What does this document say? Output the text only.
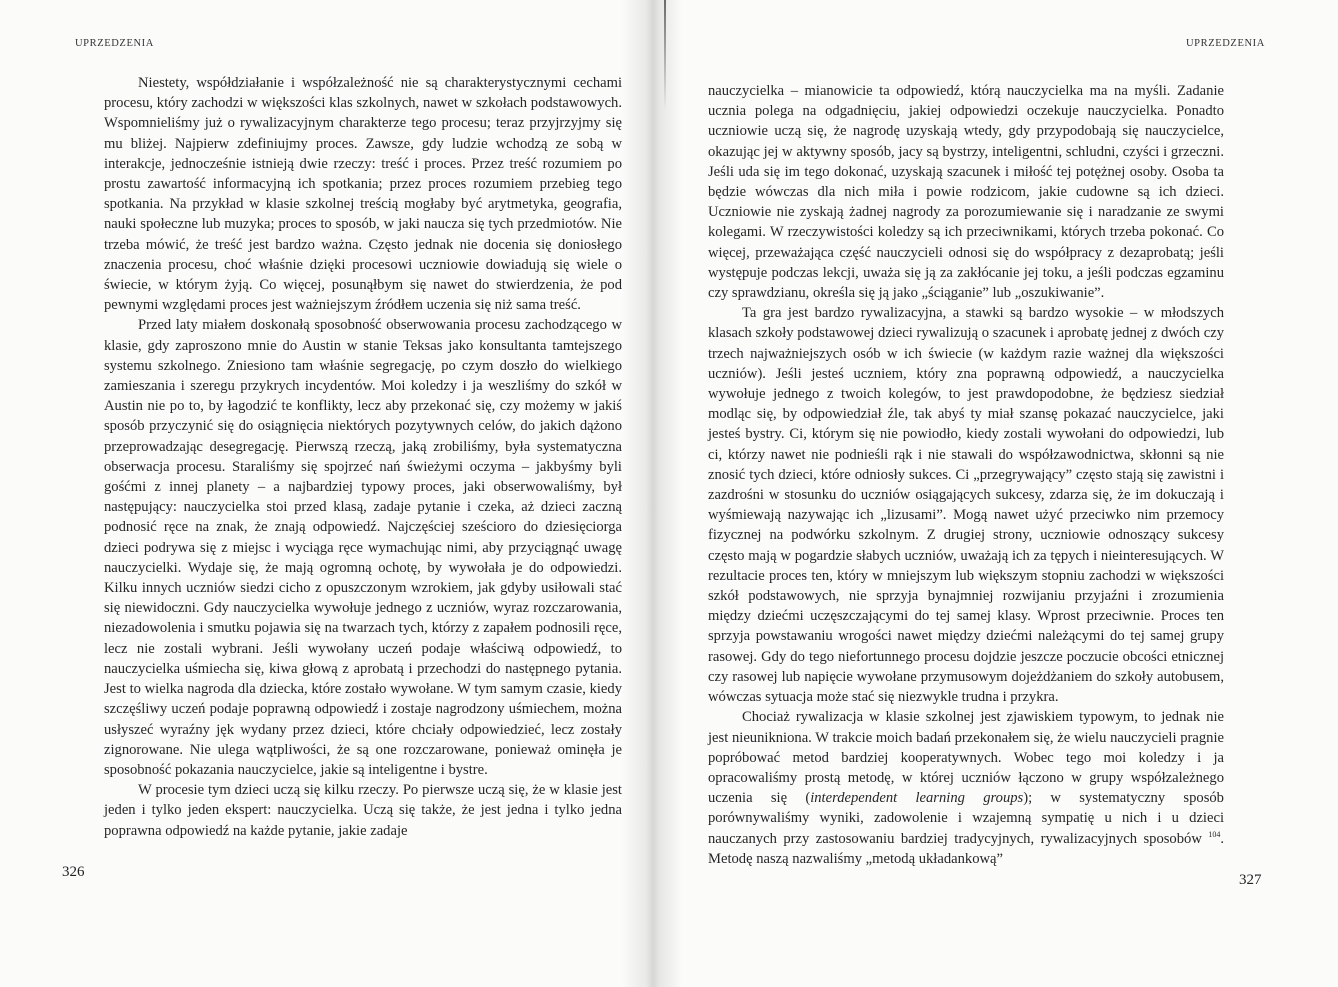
UPRZEDZENIA

Niestety, współdziałanie i współzależność nie są charakterystycznymi cechami procesu, który zachodzi w większości klas szkolnych, nawet w szkołach podstawowych. Wspomnieliśmy już o rywalizacyjnym charakterze tego procesu; teraz przyjrzyjmy się mu bliżej. Najpierw zdefiniujmy proces. Zawsze, gdy ludzie wchodzą ze sobą w interakcje, jednocześnie istnieją dwie rzeczy: treść i proces. Przez treść rozumiem po prostu zawartość informacyjną ich spotkania; przez proces rozumiem przebieg tego spotkania. Na przykład w klasie szkolnej treścią mogłaby być arytmetyka, geografia, nauki społeczne lub muzyka; proces to sposób, w jaki naucza się tych przedmiotów. Nie trzeba mówić, że treść jest bardzo ważna. Często jednak nie docenia się doniosłego znaczenia procesu, choć właśnie dzięki procesowi uczniowie dowiadują się wiele o świecie, w którym żyją. Co więcej, posunąłbym się nawet do stwierdzenia, że pod pewnymi względami proces jest ważniejszym źródłem uczenia się niż sama treść.

Przed laty miałem doskonałą sposobność obserwowania procesu zachodzącego w klasie, gdy zaproszono mnie do Austin w stanie Teksas jako konsultanta tamtejszego systemu szkolnego. Zniesiono tam właśnie segregację, po czym doszło do wielkiego zamieszania i szeregu przykrych incydentów. Moi koledzy i ja weszliśmy do szkół w Austin nie po to, by łagodzić te konflikty, lecz aby przekonać się, czy możemy w jakiś sposób przyczynić się do osiągnięcia niektórych pozytywnych celów, do jakich dążono przeprowadzając desegregację. Pierwszą rzeczą, jaką zrobiliśmy, była systematyczna obserwacja procesu. Staraliśmy się spojrzeć nań świeżymi oczyma – jakbyśmy byli gośćmi z innej planety – a najbardziej typowy proces, jaki obserwowaliśmy, był następujący: nauczycielka stoi przed klasą, zadaje pytanie i czeka, aż dzieci zaczną podnosić ręce na znak, że znają odpowiedź. Najczęściej sześcioro do dziesięciorga dzieci podrywa się z miejsc i wyciąga ręce wymachując nimi, aby przyciągnąć uwagę nauczycielki. Wydaje się, że mają ogromną ochotę, by wywołała je do odpowiedzi. Kilku innych uczniów siedzi cicho z opuszczonym wzrokiem, jak gdyby usiłowali stać się niewidoczni. Gdy nauczycielka wywołuje jednego z uczniów, wyraz rozczarowania, niezadowolenia i smutku pojawia się na twarzach tych, którzy z zapałem podnosili ręce, lecz nie zostali wybrani. Jeśli wywołany uczeń podaje właściwą odpowiedź, to nauczycielka uśmiecha się, kiwa głową z aprobatą i przechodzi do następnego pytania. Jest to wielka nagroda dla dziecka, które zostało wywołane. W tym samym czasie, kiedy szczęśliwy uczeń podaje poprawną odpowiedź i zostaje nagrodzony uśmiechem, można usłyszeć wyraźny jęk wydany przez dzieci, które chciały odpowiedzieć, lecz zostały zignorowane. Nie ulega wątpliwości, że są one rozczarowane, ponieważ ominęła je sposobność pokazania nauczycielce, jakie są inteligentne i bystre.

W procesie tym dzieci uczą się kilku rzeczy. Po pierwsze uczą się, że w klasie jest jeden i tylko jeden ekspert: nauczycielka. Uczą się także, że jest jedna i tylko jedna poprawna odpowiedź na każde pytanie, jakie zadaje

326
UPRZEDZENIA

nauczycielka – mianowicie ta odpowiedź, którą nauczycielka ma na myśli. Zadanie ucznia polega na odgadnięciu, jakiej odpowiedzi oczekuje nauczycielka. Ponadto uczniowie uczą się, że nagrodę uzyskają wtedy, gdy przypodobają się nauczycielce, okazując jej w aktywny sposób, jacy są bystrzy, inteligentni, schludni, czyści i grzeczni. Jeśli uda się im tego dokonać, uzyskają szacunek i miłość tej potężnej osoby. Osoba ta będzie wówczas dla nich miła i powie rodzicom, jakie cudowne są ich dzieci. Uczniowie nie zyskają żadnej nagrody za porozumiewanie się i naradzanie ze swymi kolegami. W rzeczywistości koledzy są ich przeciwnikami, których trzeba pokonać. Co więcej, przeważająca część nauczycieli odnosi się do współpracy z dezaprobatą; jeśli występuje podczas lekcji, uważa się ją za zakłócanie jej toku, a jeśli podczas egzaminu czy sprawdzianu, określa się ją jako „ściąganie” lub „oszukiwanie”.

Ta gra jest bardzo rywalizacyjna, a stawki są bardzo wysokie – w młodszych klasach szkoły podstawowej dzieci rywalizują o szacunek i aprobatę jednej z dwóch czy trzech najważniejszych osób w ich świecie (w każdym razie ważnej dla większości uczniów). Jeśli jesteś uczniem, który zna poprawną odpowiedź, a nauczycielka wywołuje jednego z twoich kolegów, to jest prawdopodobne, że będziesz siedział modląc się, by odpowiedział źle, tak abyś ty miał szansę pokazać nauczycielce, jaki jesteś bystry. Ci, którym się nie powiodło, kiedy zostali wywołani do odpowiedzi, lub ci, którzy nawet nie podnieśli rąk i nie stawali do współzawodnictwa, skłonni są nie znosić tych dzieci, które odniosły sukces. Ci „przegrywający” często stają się zawistni i zazdrośni w stosunku do uczniów osiągających sukcesy, zdarza się, że im dokuczają i wyśmiewają nazywając ich „lizusami”. Mogą nawet użyć przeciwko nim przemocy fizycznej na podwórku szkolnym. Z drugiej strony, uczniowie odnoszący sukcesy często mają w pogardzie słabych uczniów, uważają ich za tępych i nieinteresujących. W rezultacie proces ten, który w mniejszym lub większym stopniu zachodzi w większości szkół podstawowych, nie sprzyja bynajmniej rozwijaniu przyjaźni i zrozumienia między dziećmi uczęszczającymi do tej samej klasy. Wprost przeciwnie. Proces ten sprzyja powstawaniu wrogości nawet między dziećmi należącymi do tej samej grupy rasowej. Gdy do tego niefortunnego procesu dojdzie jeszcze poczucie obcości etnicznej czy rasowej lub napięcie wywołane przymusowym dojeżdżaniem do szkoły autobusem, wówczas sytuacja może stać się niezwykle trudna i przykra.

Chociaż rywalizacja w klasie szkolnej jest zjawiskiem typowym, to jednak nie jest nieunikniona. W trakcie moich badań przekonałem się, że wielu nauczycieli pragnie popróbować metod bardziej kooperatywnych. Wobec tego moi koledzy i ja opracowaliśmy prostą metodę, w której uczniów łączono w grupy współzależnego uczenia się (interdependent learning groups); w systematyczny sposób porównywaliśmy wyniki, zadowolenie i wzajemną sympatię u nich i u dzieci nauczanych przy zastosowaniu bardziej tradycyjnych, rywalizacyjnych sposobów $^{104}$. Metodę naszą nazwaliśmy „metodą układankową”

327
